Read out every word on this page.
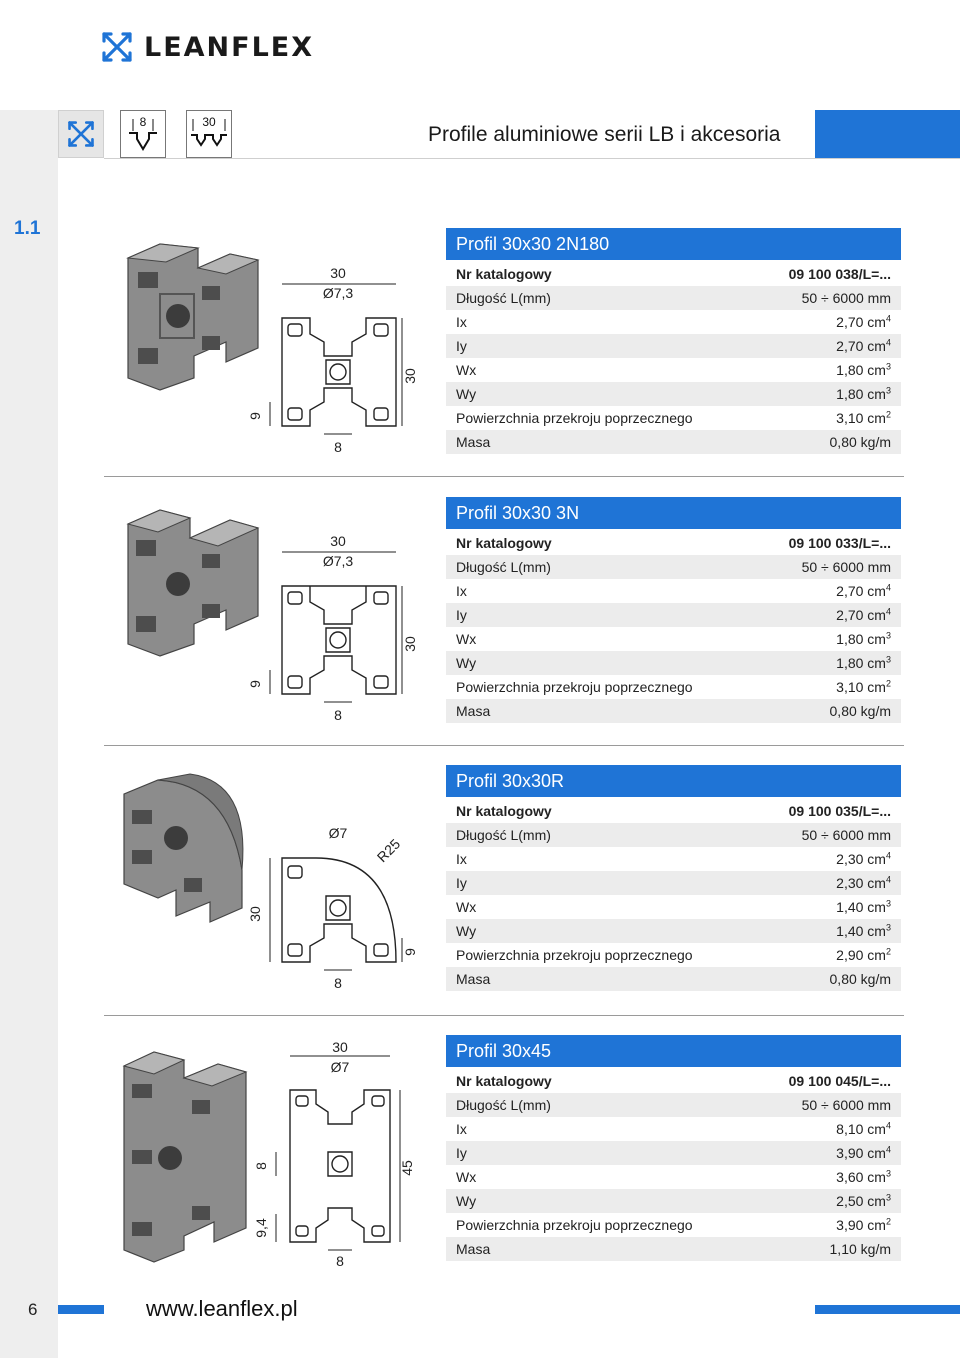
LEANFLEX
8	30
Profile aluminiowe serii LB i akcesoria
1.1
30
Ø7,3
30
9
8
Profil 30x30 2N180
Nr katalogowy	09 100 038/L=...
Długość L(mm)	50 ÷ 6000 mm
Ix	2,70 $cm^4$
Iy	2,70 $cm^4$
Wx	1,80 $cm^3$
Wy	1,80 $cm^3$
Powierzchnia przekroju poprzecznego	3,10 $cm^2$
Masa	0,80 kg/m
30
Ø7,3
30
9
8
Profil 30x30 3N
Nr katalogowy	09 100 033/L=...
Długość L(mm)	50 ÷ 6000 mm
Ix	2,70 $cm^4$
Iy	2,70 $cm^4$
Wx	1,80 $cm^3$
Wy	1,80 $cm^3$
Powierzchnia przekroju poprzecznego	3,10 $cm^2$
Masa	0,80 kg/m
Ø7
R25
30
9
8
Profil 30x30R
Nr katalogowy	09 100 035/L=...
Długość L(mm)	50 ÷ 6000 mm
Ix	2,30 $cm^4$
Iy	2,30 $cm^4$
Wx	1,40 $cm^3$
Wy	1,40 $cm^3$
Powierzchnia przekroju poprzecznego	2,90 $cm^2$
Masa	0,80 kg/m
30
Ø7
45
8
9,4
8
Profil 30x45
Nr katalogowy	09 100 045/L=...
Długość L(mm)	50 ÷ 6000 mm
Ix	8,10 $cm^4$
Iy	3,90 $cm^4$
Wx	3,60 $cm^3$
Wy	2,50 $cm^3$
Powierzchnia przekroju poprzecznego	3,90 $cm^2$
Masa	1,10 kg/m
6	www.leanflex.pl
